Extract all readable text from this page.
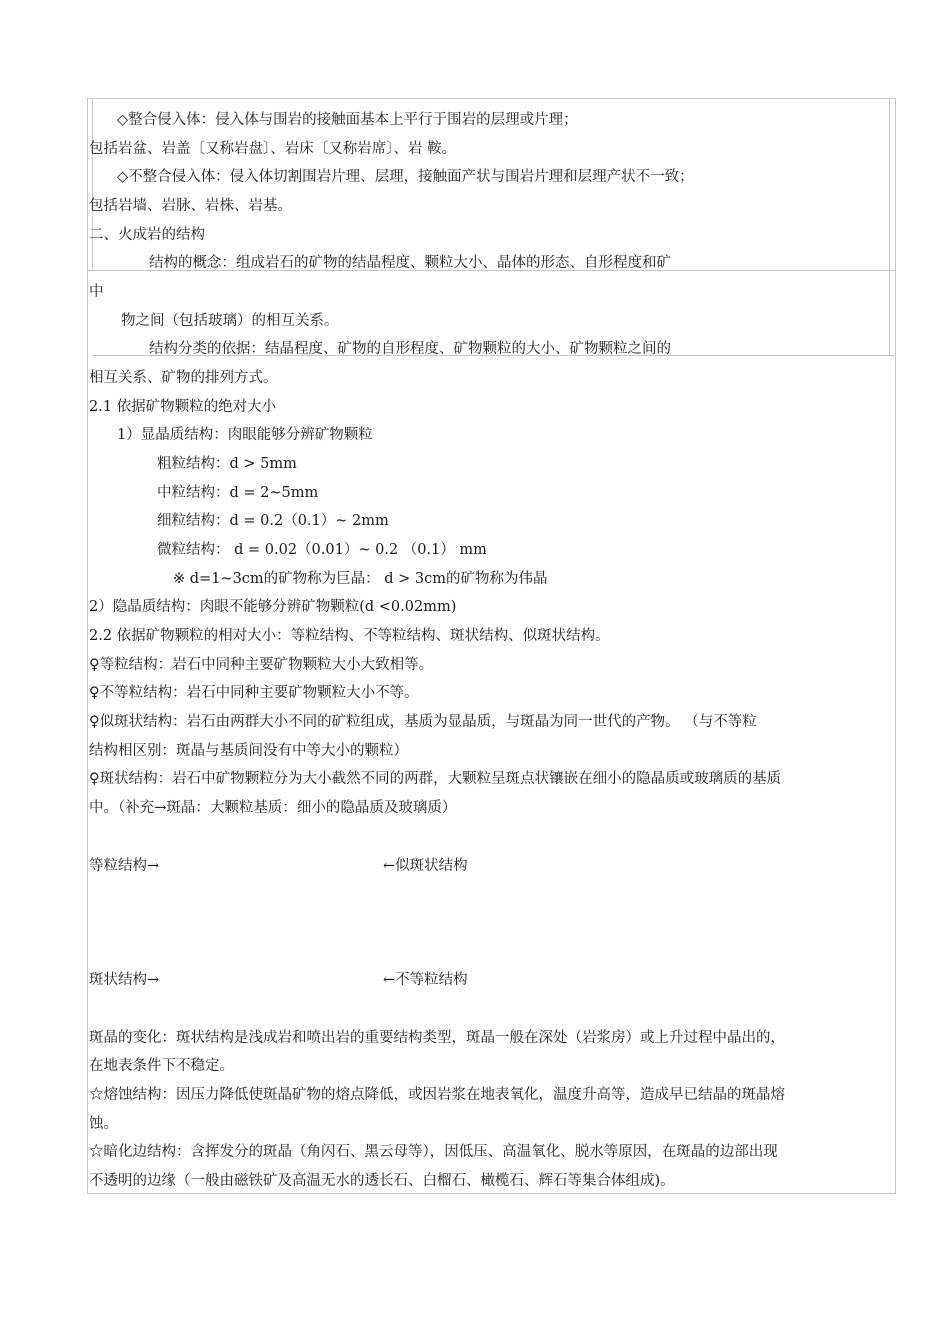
◇整合侵入体：侵入体与围岩的接触面基本上平行于围岩的层理或片理；
包括岩盆、岩盖〔又称岩盘〕、岩床〔又称岩席〕、岩 鞍。
◇不整合侵入体：侵入体切割围岩片理、层理，接触面产状与围岩片理和层理产状不一致；
包括岩墙、岩脉、岩株、岩基。
二、火成岩的结构
结构的概念：组成岩石的矿物的结晶程度、颗粒大小、晶体的形态、自形程度和矿
中
物之间（包括玻璃）的相互关系。
结构分类的依据：结晶程度、矿物的自形程度、矿物颗粒的大小、矿物颗粒之间的
相互关系、矿物的排列方式。
2.1 依据矿物颗粒的绝对大小
1）显晶质结构：肉眼能够分辨矿物颗粒
粗粒结构：d > 5mm
中粒结构：d = 2~5mm
细粒结构：d = 0.2（0.1）~ 2mm
微粒结构： d = 0.02（0.01）~ 0.2 （0.1） mm
※ d=1~3cm的矿物称为巨晶： d > 3cm的矿物称为伟晶
2）隐晶质结构：肉眼不能够分辨矿物颗粒(d <0.02mm)
2.2 依据矿物颗粒的相对大小：等粒结构、不等粒结构、斑状结构、似斑状结构。
♀等粒结构：岩石中同种主要矿物颗粒大小大致相等。
♀不等粒结构：岩石中同种主要矿物颗粒大小不等。
♀似斑状结构：岩石由两群大小不同的矿粒组成，基质为显晶质，与斑晶为同一世代的产物。 （与不等粒
结构相区别：斑晶与基质间没有中等大小的颗粒）
♀斑状结构：岩石中矿物颗粒分为大小截然不同的两群，大颗粒呈斑点状镶嵌在细小的隐晶质或玻璃质的基质
中。（补充→斑晶：大颗粒基质：细小的隐晶质及玻璃质）
等粒结构→	←似斑状结构
斑状结构→	←不等粒结构
斑晶的变化：斑状结构是浅成岩和喷出岩的重要结构类型，斑晶一般在深处（岩浆房）或上升过程中晶出的，
在地表条件下不稳定。
☆熔蚀结构：因压力降低使斑晶矿物的熔点降低，或因岩浆在地表氧化，温度升高等，造成早已结晶的斑晶熔
蚀。
☆暗化边结构：含挥发分的斑晶（角闪石、黑云母等），因低压、高温氧化、脱水等原因，在斑晶的边部出现
不透明的边缘（一般由磁铁矿及高温无水的透长石、白榴石、橄榄石、辉石等集合体组成)。
